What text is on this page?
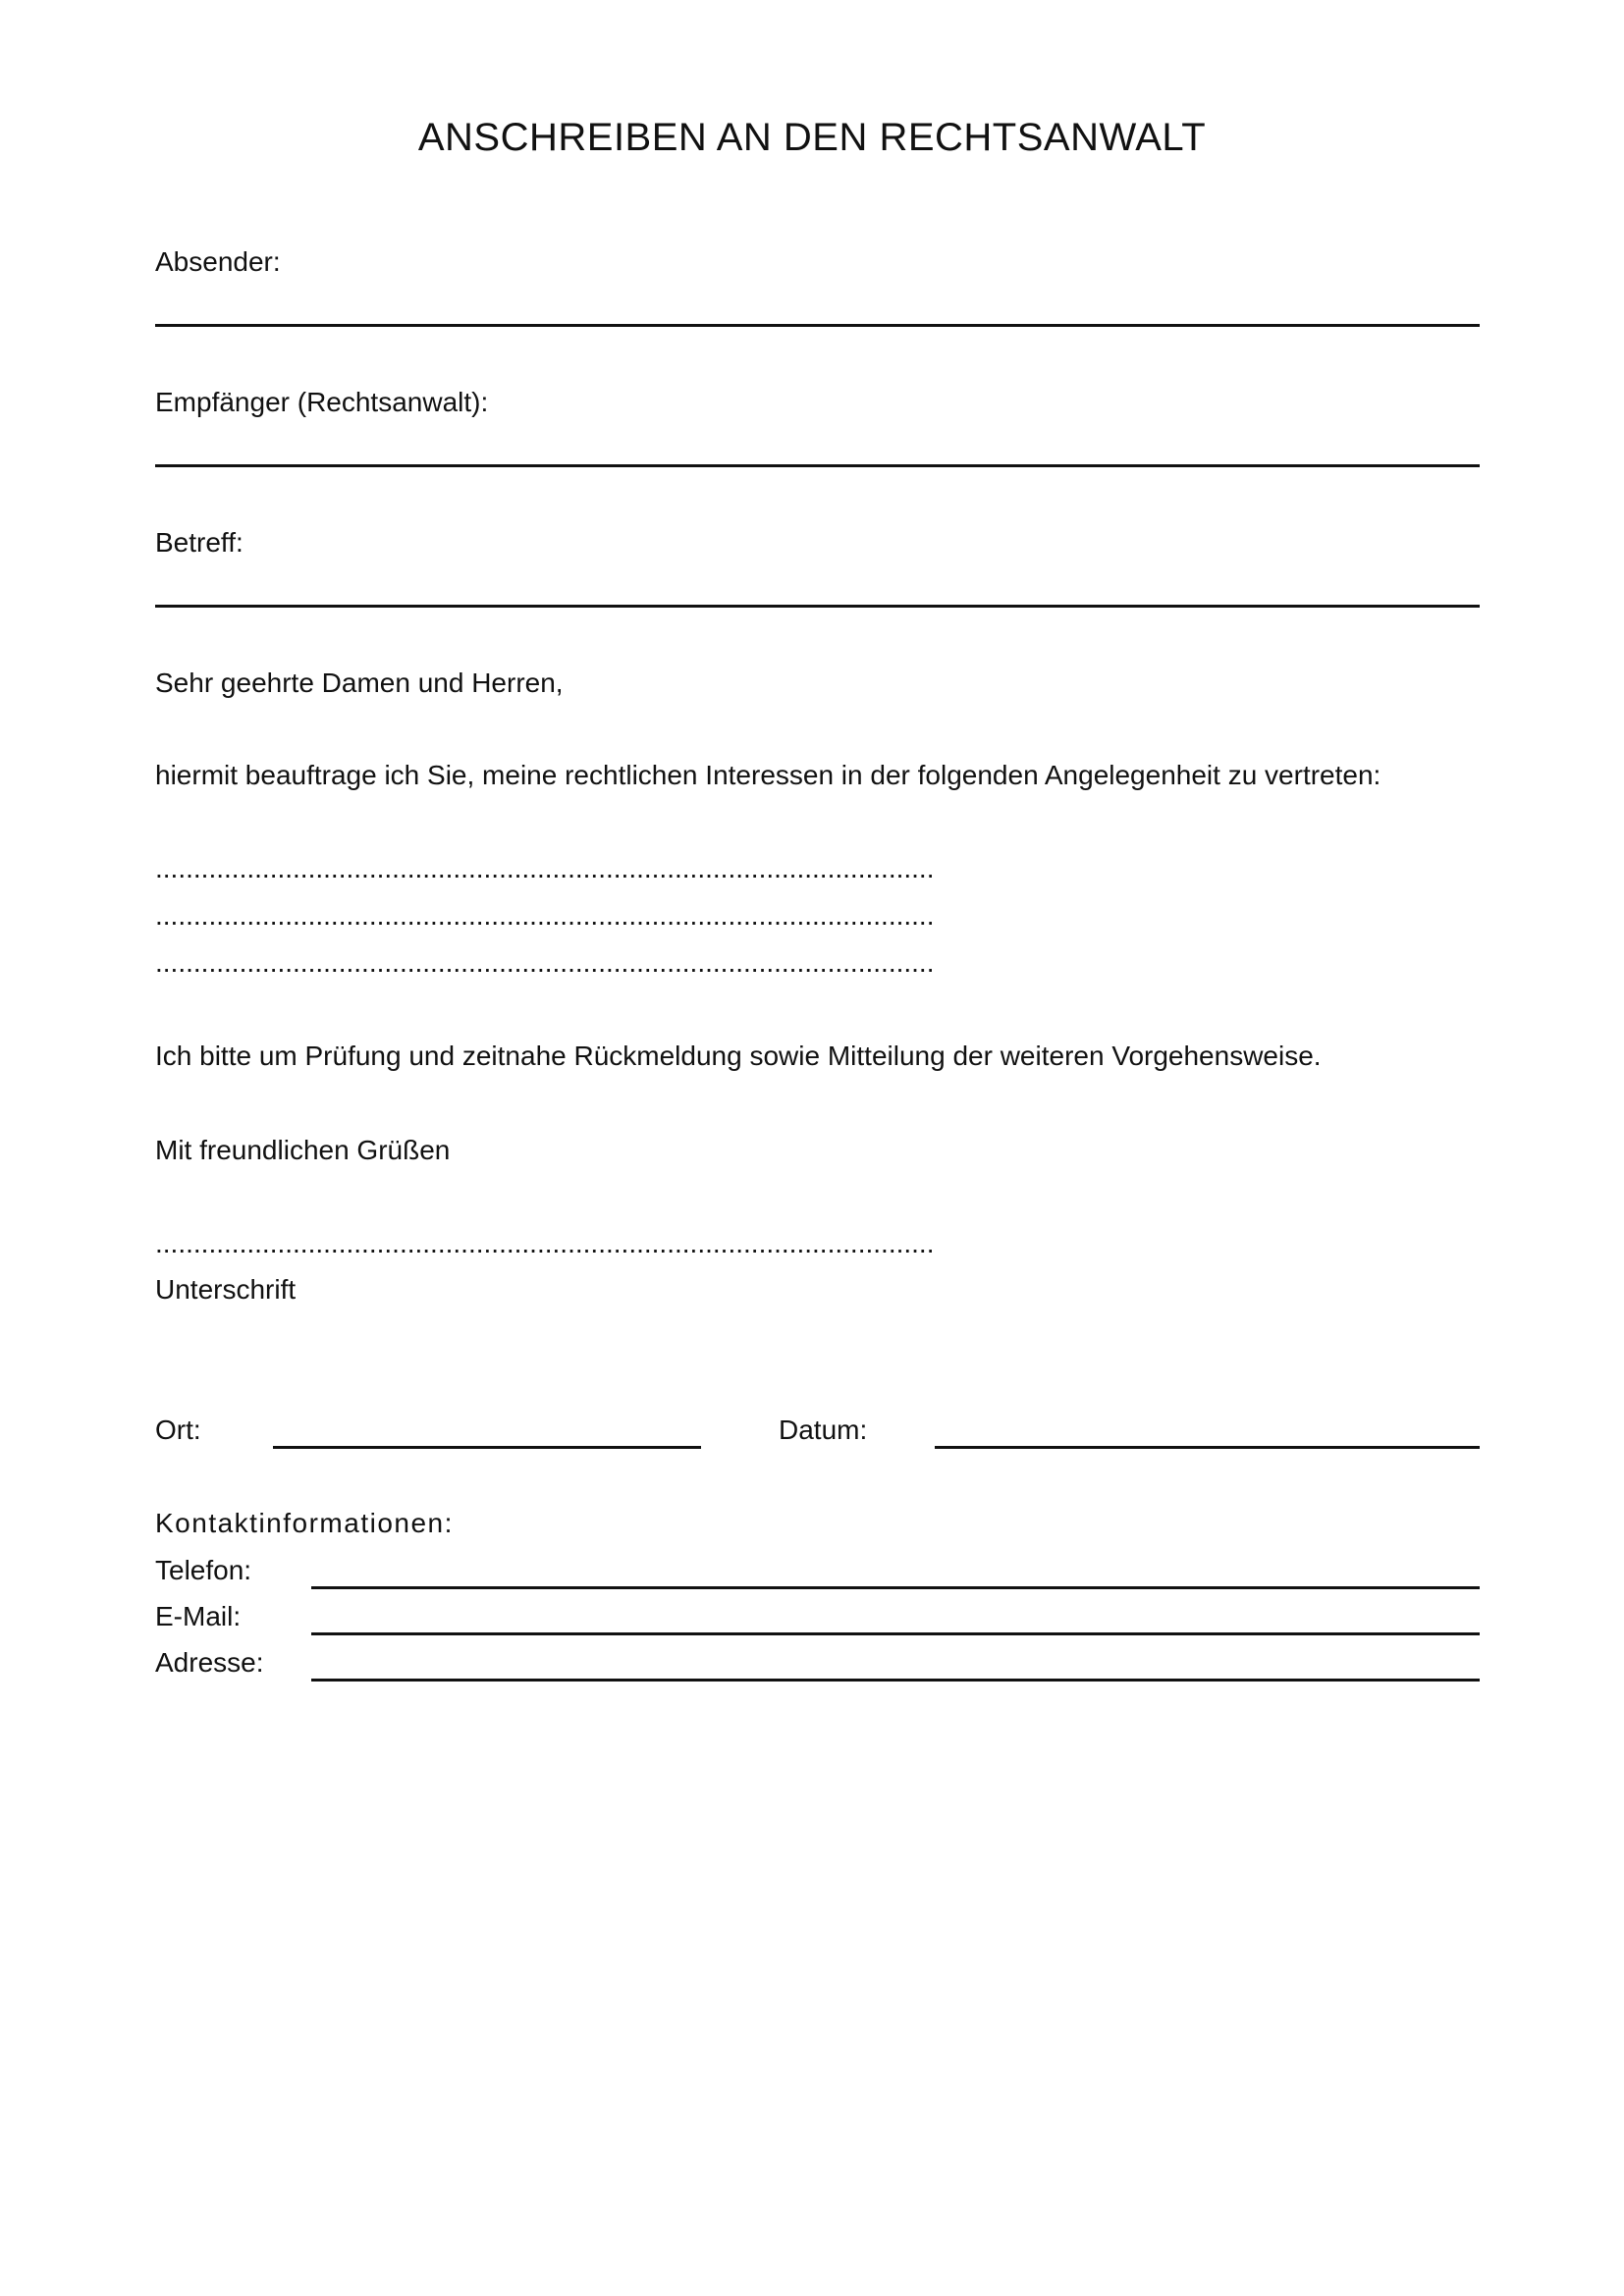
ANSCHREIBEN AN DEN RECHTSANWALT
Absender:
Empfänger (Rechtsanwalt):
Betreff:
Sehr geehrte Damen und Herren,
hiermit beauftrage ich Sie, meine rechtlichen Interessen in der folgenden Angelegenheit zu vertreten:
......................................................................................................
......................................................................................................
......................................................................................................
Ich bitte um Prüfung und zeitnahe Rückmeldung sowie Mitteilung der weiteren Vorgehensweise.
Mit freundlichen Grüßen
......................................................................................................
Unterschrift
Ort:	Datum:
Kontaktinformationen:
Telefon:
E-Mail:
Adresse:
